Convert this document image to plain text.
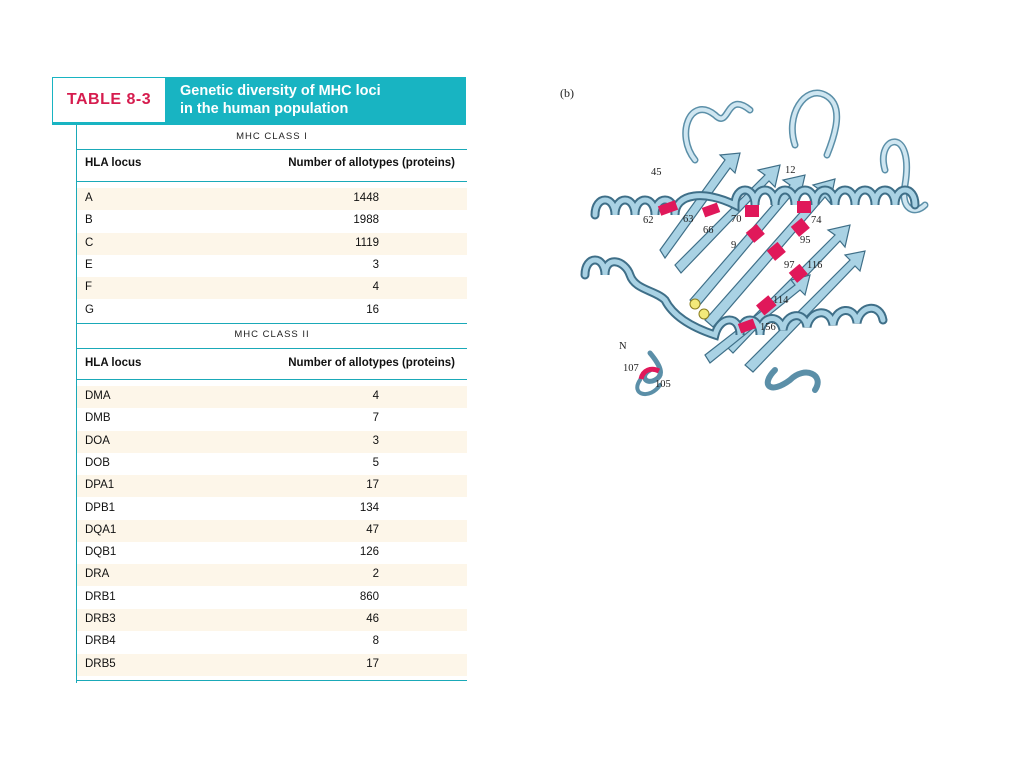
TABLE 8-3	Genetic diversity of MHC loci
in the human population
MHC CLASS I
HLA locus	Number of allotypes (proteins)
A	1448
B	1988
C	1119
E	3
F	4
G	16
MHC CLASS II
HLA locus	Number of allotypes (proteins)
DMA	4
DMB	7
DOA	3
DOB	5
DPA1	17
DPB1	134
DQA1	47
DQB1	126
DRA	2
DRB1	860
DRB3	46
DRB4	8
DRB5	17
(b)
N
45	12
62	63
66
70	74
9	95
97 116
114
156
107
105
